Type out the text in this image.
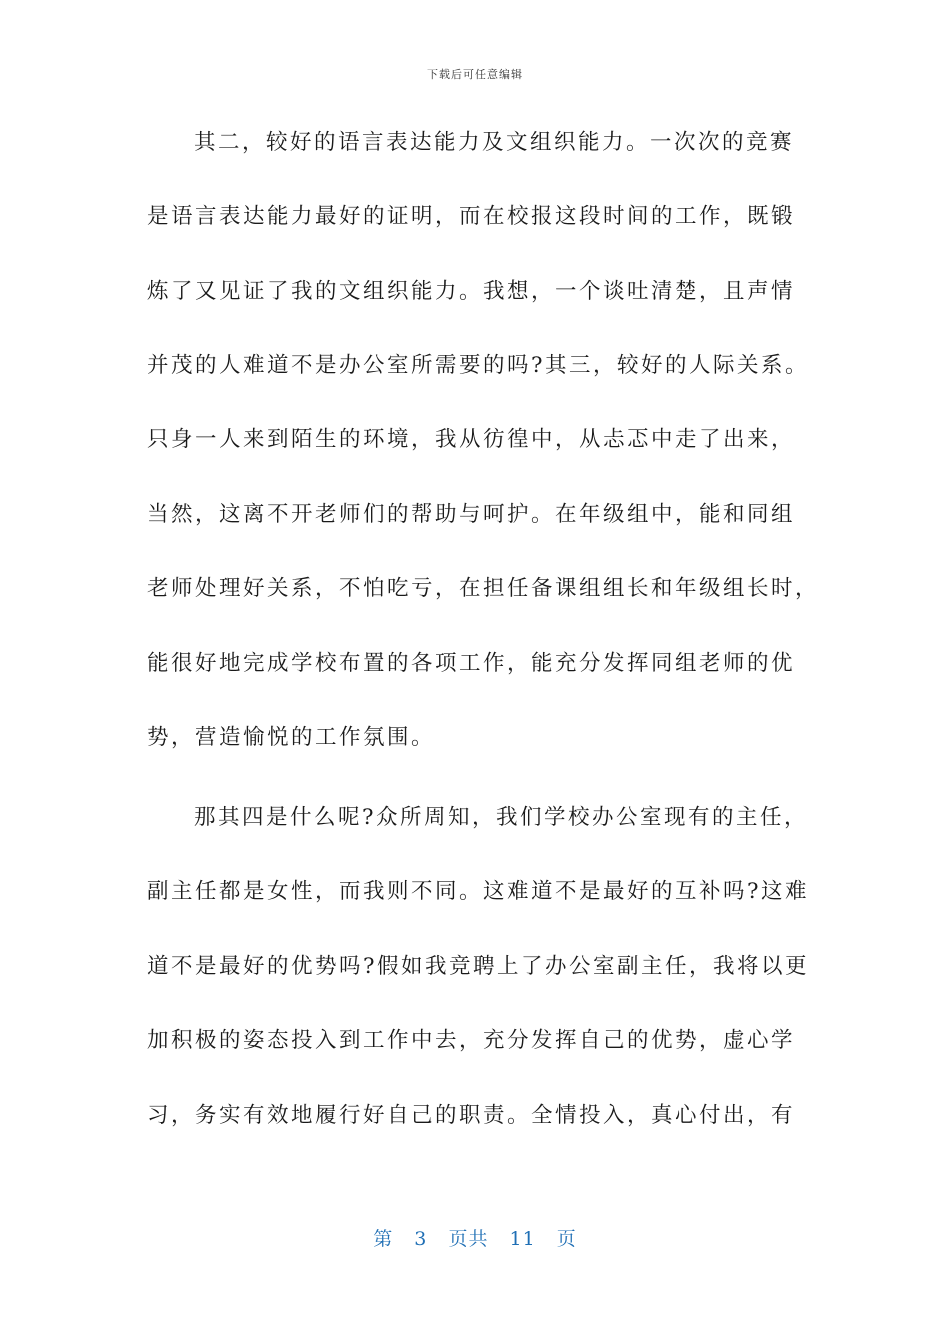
下载后可任意编辑
其二，较好的语言表达能力及文组织能力。一次次的竞赛
是语言表达能力最好的证明，而在校报这段时间的工作，既锻
炼了又见证了我的文组织能力。我想，一个谈吐清楚，且声情
并茂的人难道不是办公室所需要的吗?其三，较好的人际关系。
只身一人来到陌生的环境，我从彷徨中，从忐忑中走了出来，
当然，这离不开老师们的帮助与呵护。在年级组中，能和同组
老师处理好关系，不怕吃亏，在担任备课组组长和年级组长时，
能很好地完成学校布置的各项工作，能充分发挥同组老师的优
势，营造愉悦的工作氛围。
那其四是什么呢?众所周知，我们学校办公室现有的主任，
副主任都是女性，而我则不同。这难道不是最好的互补吗?这难
道不是最好的优势吗?假如我竞聘上了办公室副主任，我将以更
加积极的姿态投入到工作中去，充分发挥自己的优势，虚心学
习，务实有效地履行好自己的职责。全情投入，真心付出，有
第 3 页共 11 页
